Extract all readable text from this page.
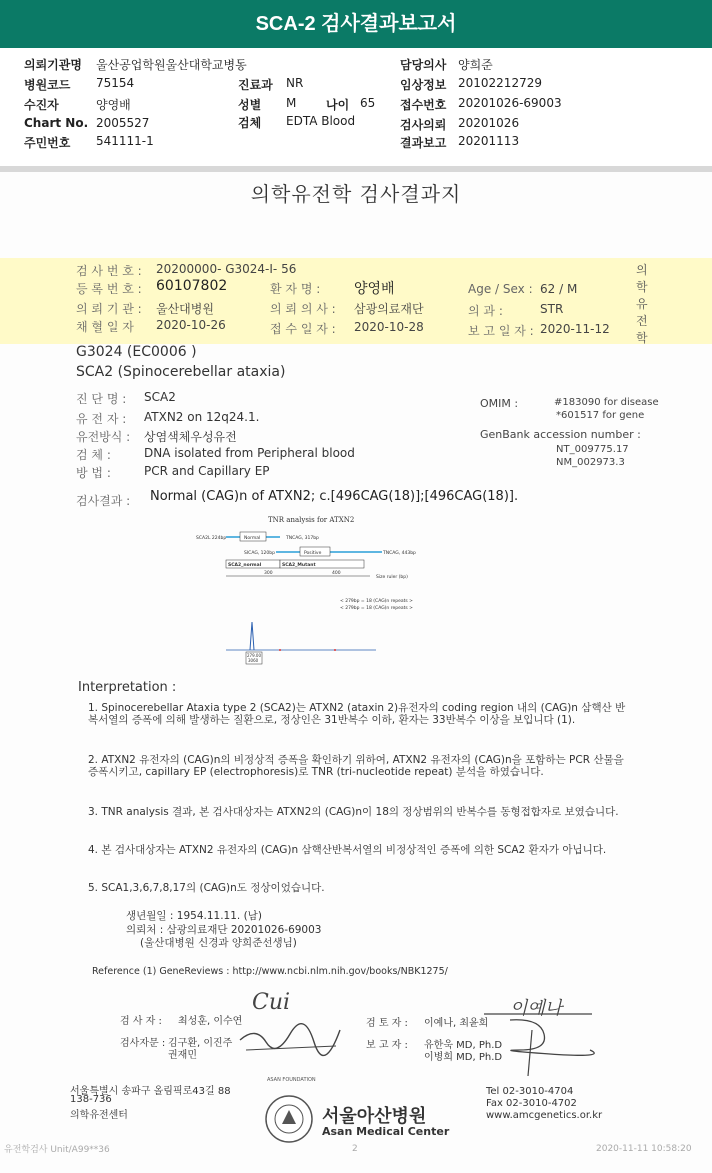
SCA-2 검사결과보고서
의뢰기관명 울산공업학원울산대학교병동
병원코드 75154
수진자	양영배
Chart No. 2005527
주민번호 541111-1
진료과 NR
성별 M 나이 65
검체 EDTA Blood
담당의사 양희준
임상정보 20102212729
접수번호 20201026-69003
검사의뢰 20201026
결과보고 20201113
의학유전학 검사결과지
검 사 번 호 : 20200000- G3024-I- 56
등 록 번 호 : 60107802	환 자 명 : 양영배	Age / Sex : 62 / M
의 뢰 기 관 : 울산대병원	의 뢰 의 사 : 삼광의료재단	의 과 :	STR
채 혈 일 자 2020-10-26	접 수 일 자 : 2020-10-28	보 고 일 자 : 2020-11-12
의학유전학
G3024 (EC0006 )
SCA2 (Spinocerebellar ataxia)
진 단 명 : SCA2
유 전 자 : ATXN2 on 12q24.1.
유전방식 : 상염색체우성유전
검 체 :	DNA isolated from Peripheral blood
방 법 :	PCR and Capillary EP
OMIM :	#183090 for disease
*601517 for gene
GenBank accession number :
NT_009775.17
NM_002973.3
검사결과 : Normal (CAG)n of ATXN2; c.[496CAG(18)];[496CAG(18)].
TNR analysis for ATXN2
SCA2L 224bp	Normal	TNCAG, 317bp
SICAG, 120bp	Positive	TNCAG, 443bp
SCA2_normal	SCA2_Mutant
300	400
Size ruler (bp)
< 279bp = 18 (CAG)n repeats >
< 279bp = 18 (CAG)n repeats >
279.00
3060
Interpretation :
1. Spinocerebellar Ataxia type 2 (SCA2)는 ATXN2 (ataxin 2)유전자의 coding region 내의 (CAG)n 삼핵산 반복서열의 증폭에 의해 발생하는 질환으로, 정상인은 31반복수 이하, 환자는 33반복수 이상을 보입니다 (1).
2. ATXN2 유전자의 (CAG)n의 비정상적 증폭을 확인하기 위하여, ATXN2 유전자의 (CAG)n을 포함하는 PCR 산물을 증폭시키고, capillary EP (electrophoresis)로 TNR (tri-nucleotide repeat) 분석을 하였습니다.
3. TNR analysis 결과, 본 검사대상자는 ATXN2의 (CAG)n이 18의 정상범위의 반복수를 동형접합자로 보였습니다.
4. 본 검사대상자는 ATXN2 유전자의 (CAG)n 삼핵산반복서열의 비정상적인 증폭에 의한 SCA2 환자가 아닙니다.
5. SCA1,3,6,7,8,17의 (CAG)n도 정상이었습니다.
생년월일 : 1954.11.11. (남)
의뢰처 : 삼광의료재단 20201026-69003
(울산대병원 신경과 양희준선생님)
Reference (1) GeneReviews : http://www.ncbi.nlm.nih.gov/books/NBK1275/
검 사 자 : 최성훈, 이수연
검사자문 : 김구환, 이진주
권재민
검 토 자 : 이예나, 최윤희
보 고 자 : 유한욱 MD, Ph.D
이병희 MD, Ph.D
Cui	이예나
서울특별시 송파구 올림픽로43길 88
138-736
의학유전센터
Tel 02-3010-4704
Fax 02-3010-4702
www.amcgenetics.or.kr
서울아산병원
Asan Medical Center
ASAN FOUNDATION
유전학검사 Unit/A99**36	2	2020-11-11 10:58:20
